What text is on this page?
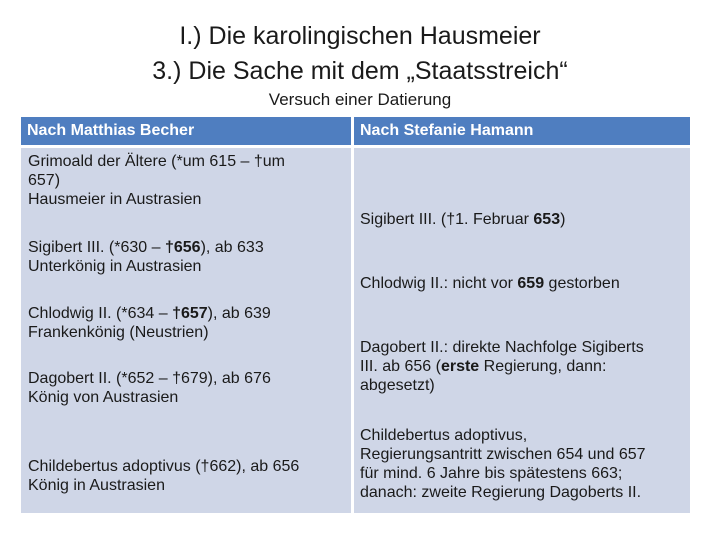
I.) Die karolingischen Hausmeier
3.) Die Sache mit dem „Staatsstreich“
Versuch einer Datierung
Nach Matthias Becher	Nach Stefanie Hamann
Grimoald der Ältere (*um 615 – †um
657)
Hausmeier in Austrasien
Sigibert III. (*630 – †656), ab 633
Unterkönig in Austrasien
Chlodwig II. (*634 – †657), ab 639
Frankenkönig (Neustrien)
Dagobert II. (*652 – †679), ab 676
König von Austrasien
Childebertus adoptivus (†662), ab 656
König in Austrasien
Sigibert III. (†1. Februar 653)
Chlodwig II.: nicht vor 659 gestorben
Dagobert II.: direkte Nachfolge Sigiberts
III. ab 656 (erste Regierung, dann:
abgesetzt)
Childebertus adoptivus,
Regierungsantritt zwischen 654 und 657
für mind. 6 Jahre bis spätestens 663;
danach: zweite Regierung Dagoberts II.
